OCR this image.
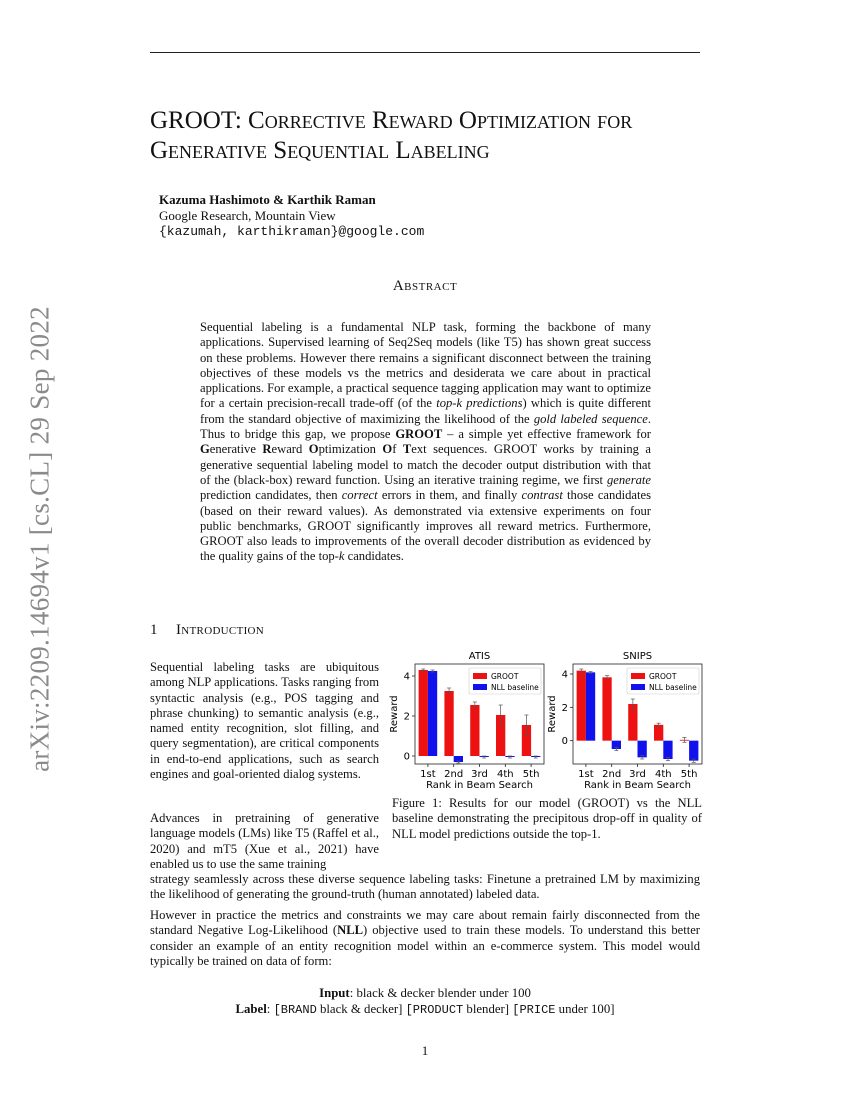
arXiv:2209.14694v1 [cs.CL] 29 Sep 2022
GROOT: Corrective Reward Optimization for Generative Sequential Labeling
Kazuma Hashimoto & Karthik Raman
Google Research, Mountain View
{kazumah, karthikraman}@google.com
Abstract
Sequential labeling is a fundamental NLP task, forming the backbone of many applications. Supervised learning of Seq2Seq models (like T5) has shown great success on these problems. However there remains a significant disconnect between the training objectives of these models vs the metrics and desiderata we care about in practical applications. For example, a practical sequence tagging application may want to optimize for a certain precision-recall trade-off (of the top-k predictions) which is quite different from the standard objective of maximizing the likelihood of the gold labeled sequence. Thus to bridge this gap, we propose GROOT – a simple yet effective framework for Generative Reward Optimization Of Text sequences. GROOT works by training a generative sequential labeling model to match the decoder output distribution with that of the (black-box) reward function. Using an iterative training regime, we first generate prediction candidates, then correct errors in them, and finally contrast those candidates (based on their reward values). As demonstrated via extensive experiments on four public benchmarks, GROOT significantly improves all reward metrics. Furthermore, GROOT also leads to improvements of the overall decoder distribution as evidenced by the quality gains of the top-k candidates.
1 Introduction
Sequential labeling tasks are ubiquitous among NLP applications. Tasks ranging from syntactic analysis (e.g., POS tagging and phrase chunking) to semantic analysis (e.g., named entity recognition, slot filling, and query segmentation), are critical components in end-to-end applications, such as search engines and goal-oriented dialog systems.
Advances in pretraining of generative language models (LMs) like T5 (Raffel et al., 2020) and mT5 (Xue et al., 2021) have enabled us to use the same training
strategy seamlessly across these diverse sequence labeling tasks: Finetune a pretrained LM by maximizing the likelihood of generating the ground-truth (human annotated) labeled data.
However in practice the metrics and constraints we may care about remain fairly disconnected from the standard Negative Log-Likelihood (NLL) objective used to train these models. To understand this better consider an example of an entity recognition model within an e-commerce system. This model would typically be trained on data of form:
Input: black & decker blender under 100
Label: [BRAND black & decker] [PRODUCT blender] [PRICE under 100]
ATIS
Reward
0
2
4
1st 2nd 3rd 4th 5th
Rank in Beam Search
GROOT
NLL baseline
SNIPS
Reward
0
2
4
1st 2nd 3rd 4th 5th
Rank in Beam Search
GROOT
NLL baseline
Figure 1: Results for our model (GROOT) vs the NLL baseline demonstrating the precipitous drop-off in quality of NLL model predictions outside the top-1.
1
